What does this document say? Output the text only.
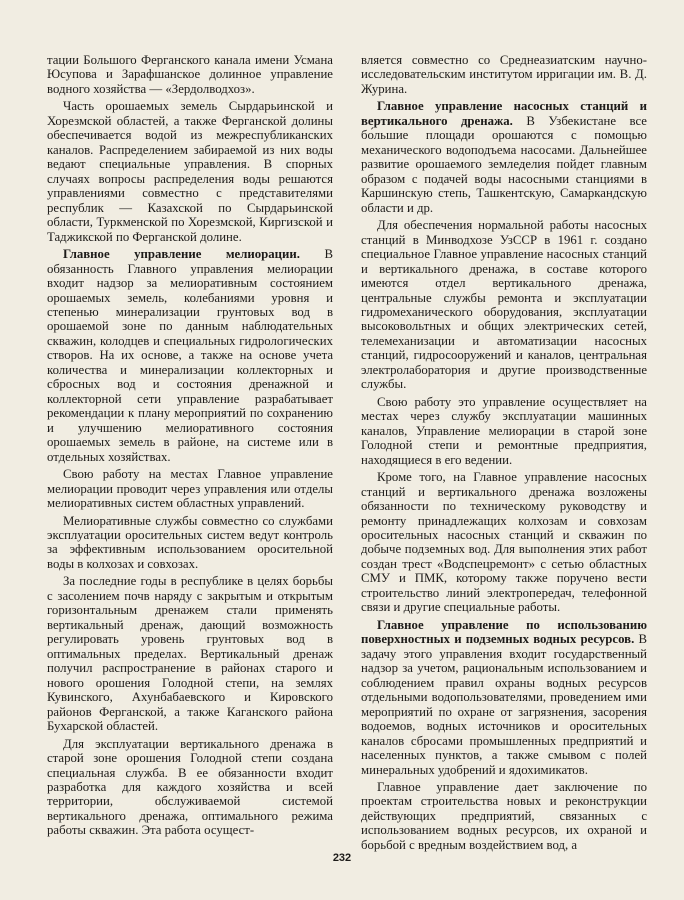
тации Большого Ферганского канала имени Усмана Юсупова и Зарафшанское долинное управление водного хозяйства — «Зердолводхоз».

Часть орошаемых земель Сырдарьинской и Хорезмской областей, а также Ферганской долины обеспечивается водой из межреспубликанских каналов. Распределением забираемой из них воды ведают специальные управления. В спорных случаях вопросы распределения воды решаются управлениями совместно с представителями республик — Казахской по Сырдарьинской области, Туркменской по Хорезмской, Киргизской и Таджикской по Ферганской долине.

Главное управление мелиорации. В обязанность Главного управления мелиорации входит надзор за мелиоративным состоянием орошаемых земель, колебаниями уровня и степенью минерализации грунтовых вод в орошаемой зоне по данным наблюдательных скважин, колодцев и специальных гидрологических створов. На их основе, а также на основе учета количества и минерализации коллекторных и сбросных вод и состояния дренажной и коллекторной сети управление разрабатывает рекомендации к плану мероприятий по сохранению и улучшению мелиоративного состояния орошаемых земель в районе, на системе или в отдельных хозяйствах.

Свою работу на местах Главное управление мелиорации проводит через управления или отделы мелиоративных систем областных управлений.

Мелиоративные службы совместно со службами эксплуатации оросительных систем ведут контроль за эффективным использованием оросительной воды в колхозах и совхозах.

За последние годы в республике в целях борьбы с засолением почв наряду с закрытым и открытым горизонтальным дренажем стали применять вертикальный дренаж, дающий возможность регулировать уровень грунтовых вод в оптимальных пределах. Вертикальный дренаж получил распространение в районах старого и нового орошения Голодной степи, на землях Кувинского, Ахунбабаевского и Кировского районов Ферганской, а также Каганского района Бухарской областей.

Для эксплуатации вертикального дренажа в старой зоне орошения Голодной степи создана специальная служба. В ее обязанности входит разработка для каждого хозяйства и всей территории, обслуживаемой системой вертикального дренажа, оптимального режима работы скважин. Эта работа осущест-

вляется совместно со Среднеазиатским научно-исследовательским институтом ирригации им. В. Д. Журина.

Главное управление насосных станций и вертикального дренажа. В Узбекистане все бо́льшие площади орошаются с помощью механического водоподъема насосами. Дальнейшее развитие орошаемого земледелия пойдет главным образом с подачей воды насосными станциями в Каршинскую степь, Ташкентскую, Самаркандскую области и др.

Для обеспечения нормальной работы насосных станций в Минводхозе УзССР в 1961 г. создано специальное Главное управление насосных станций и вертикального дренажа, в составе которого имеются отдел вертикального дренажа, центральные службы ремонта и эксплуатации гидромеханического оборудования, эксплуатации высоковольтных и общих электрических сетей, телемеханизации и автоматизации насосных станций, гидросооружений и каналов, центральная электролаборатория и другие производственные службы.

Свою работу это управление осуществляет на местах через службу эксплуатации машинных каналов, Управление мелиорации в старой зоне Голодной степи и ремонтные предприятия, находящиеся в его ведении.

Кроме того, на Главное управление насосных станций и вертикального дренажа возложены обязанности по техническому руководству и ремонту принадлежащих колхозам и совхозам оросительных насосных станций и скважин по добыче подземных вод. Для выполнения этих работ создан трест «Водспецремонт» с сетью областных СМУ и ПМК, которому также поручено вести строительство линий электропередач, телефонной связи и другие специальные работы.

Главное управление по использованию поверхностных и подземных водных ресурсов. В задачу этого управления входит государственный надзор за учетом, рациональным использованием и соблюдением правил охраны водных ресурсов отдельными водопользователями, проведением ими мероприятий по охране от загрязнения, засорения водоемов, водных источников и оросительных каналов сбросами промышленных предприятий и населенных пунктов, а также смывом с полей минеральных удобрений и ядохимикатов.

Главное управление дает заключение по проектам строительства новых и реконструкции действующих предприятий, связанных с использованием водных ресурсов, их охраной и борьбой с вредным воздействием вод, а

232
